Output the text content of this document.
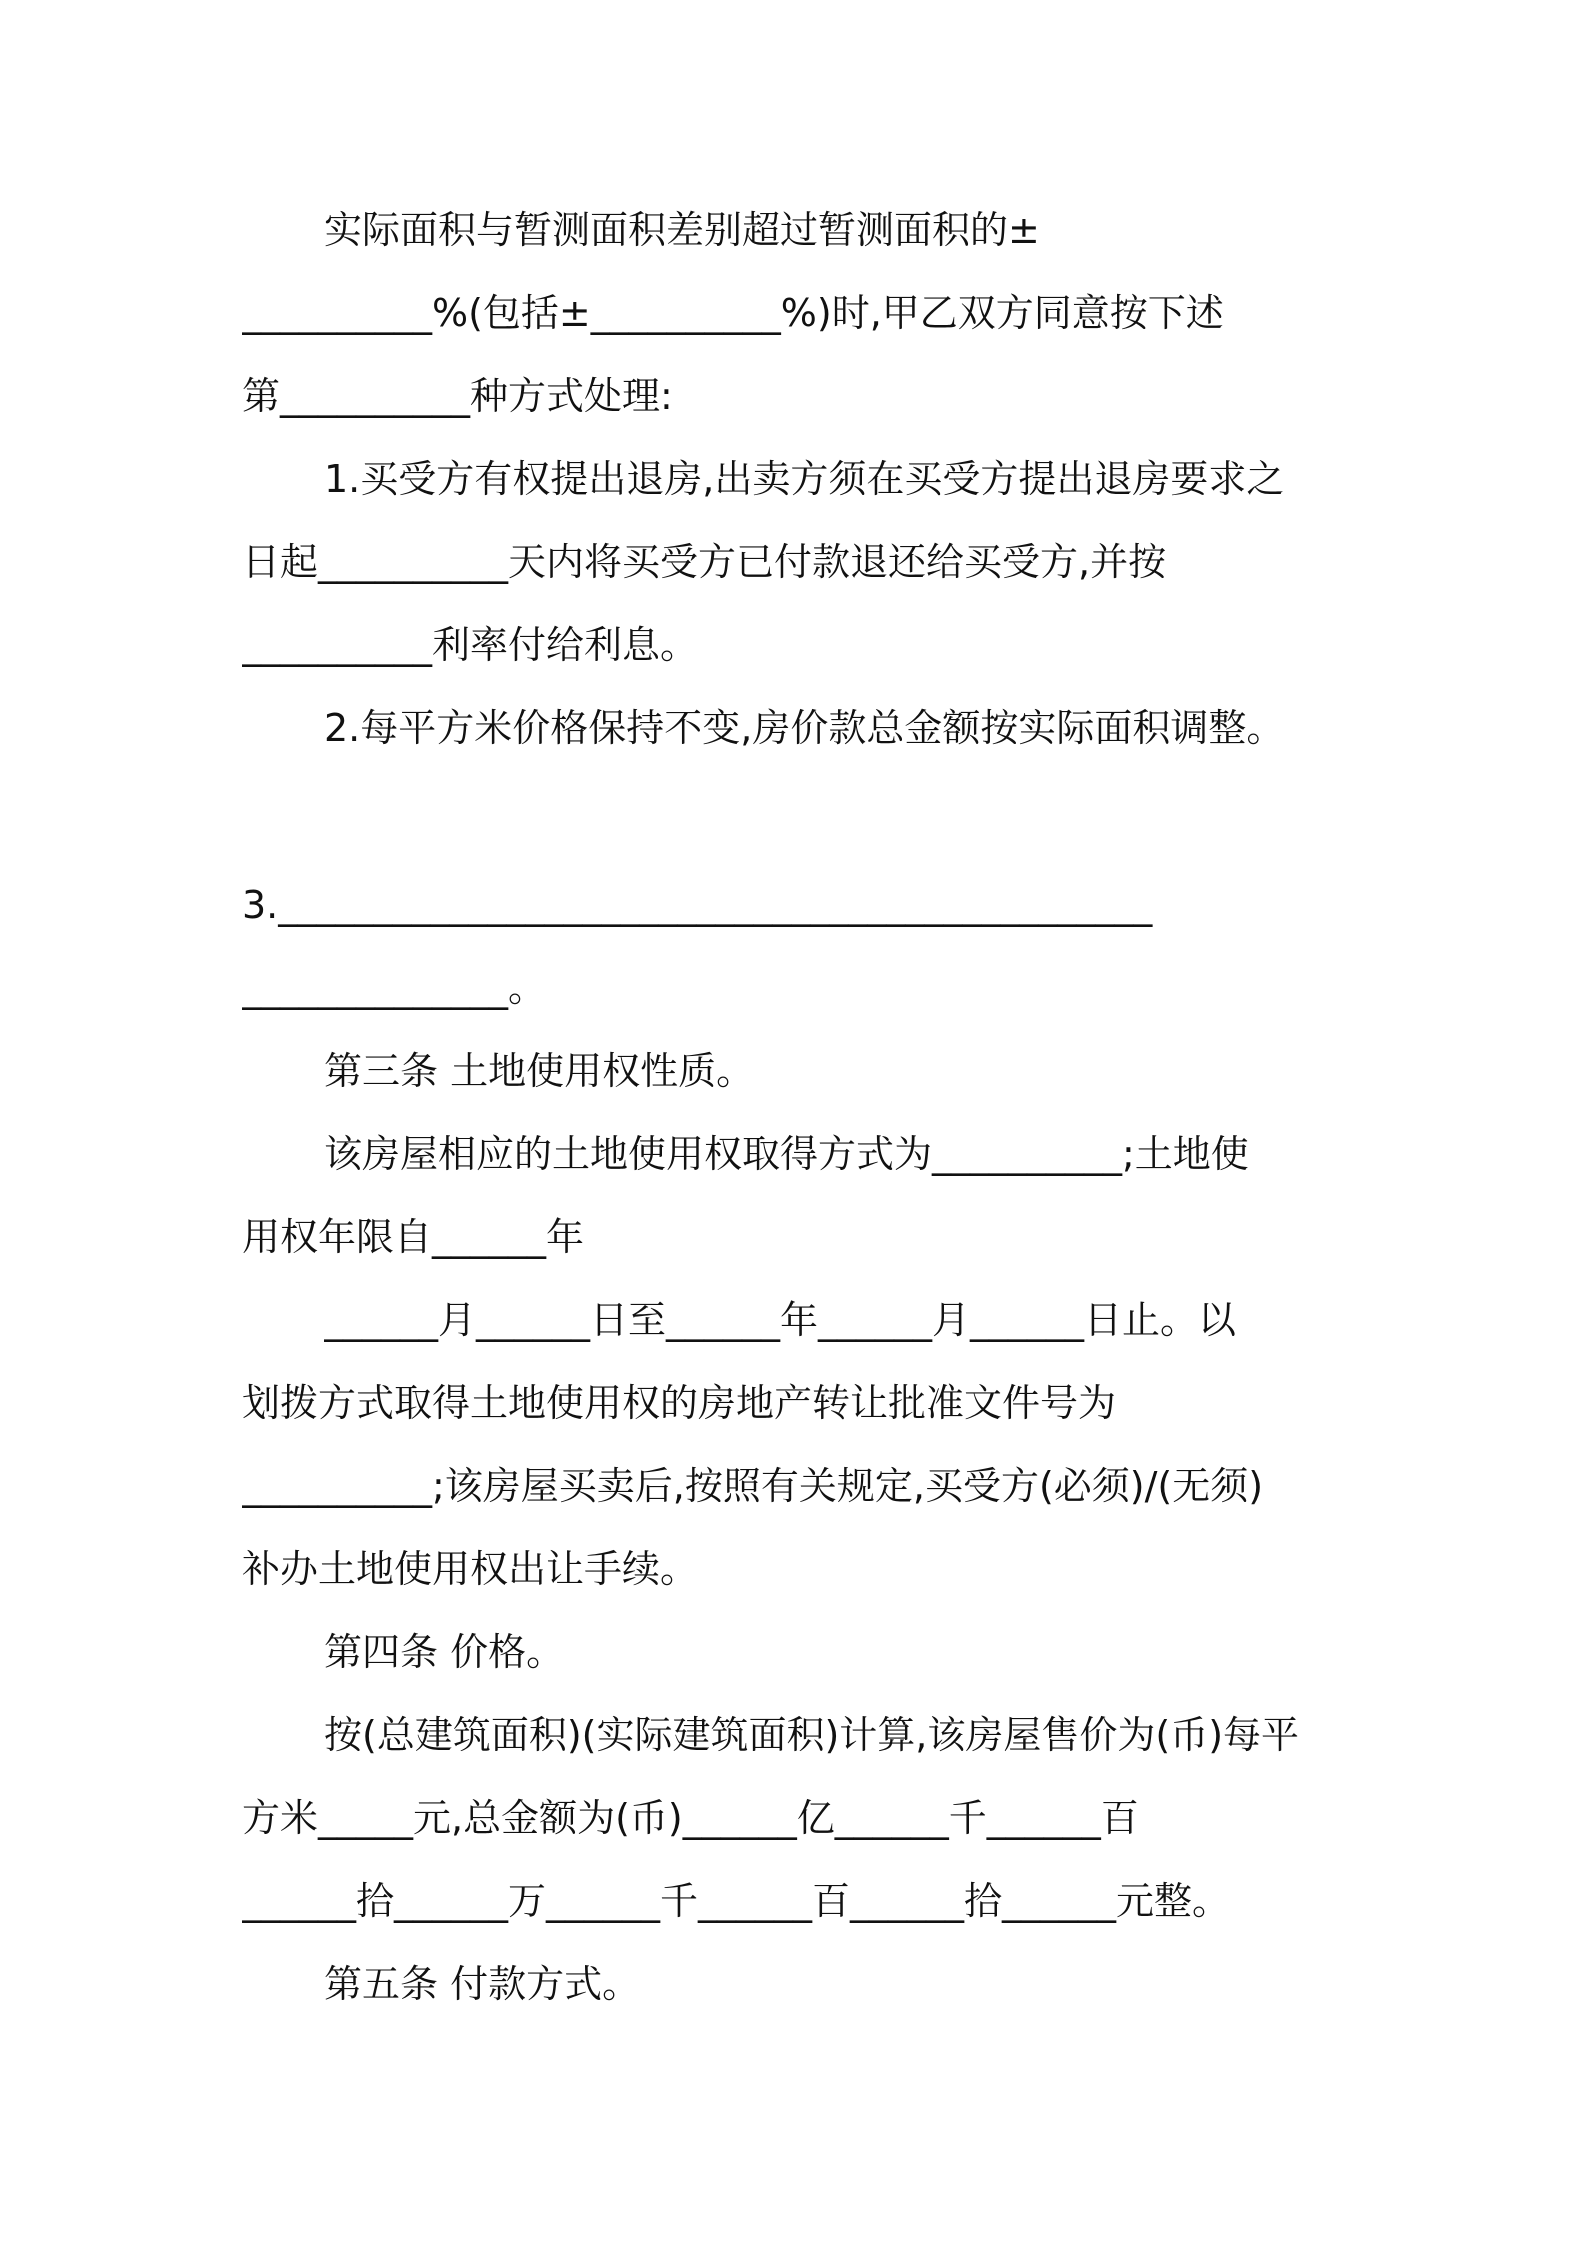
实际面积与暂测面积差别超过暂测面积的±
__________%(包括±__________%)时,甲乙双方同意按下述
第__________种方式处理:
1.买受方有权提出退房,出卖方须在买受方提出退房要求之
日起__________天内将买受方已付款退还给买受方,并按
__________利率付给利息。
2.每平方米价格保持不变,房价款总金额按实际面积调整。
3.______________________________________________
______________。
第三条 土地使用权性质。
该房屋相应的土地使用权取得方式为__________;土地使
用权年限自______年
______月______日至______年______月______日止。以
划拨方式取得土地使用权的房地产转让批准文件号为
__________;该房屋买卖后,按照有关规定,买受方(必须)/(无须)
补办土地使用权出让手续。
第四条 价格。
按(总建筑面积)(实际建筑面积)计算,该房屋售价为(币)每平
方米_____元,总金额为(币)______亿______千______百
______拾______万______千______百______拾______元整。
第五条 付款方式。
